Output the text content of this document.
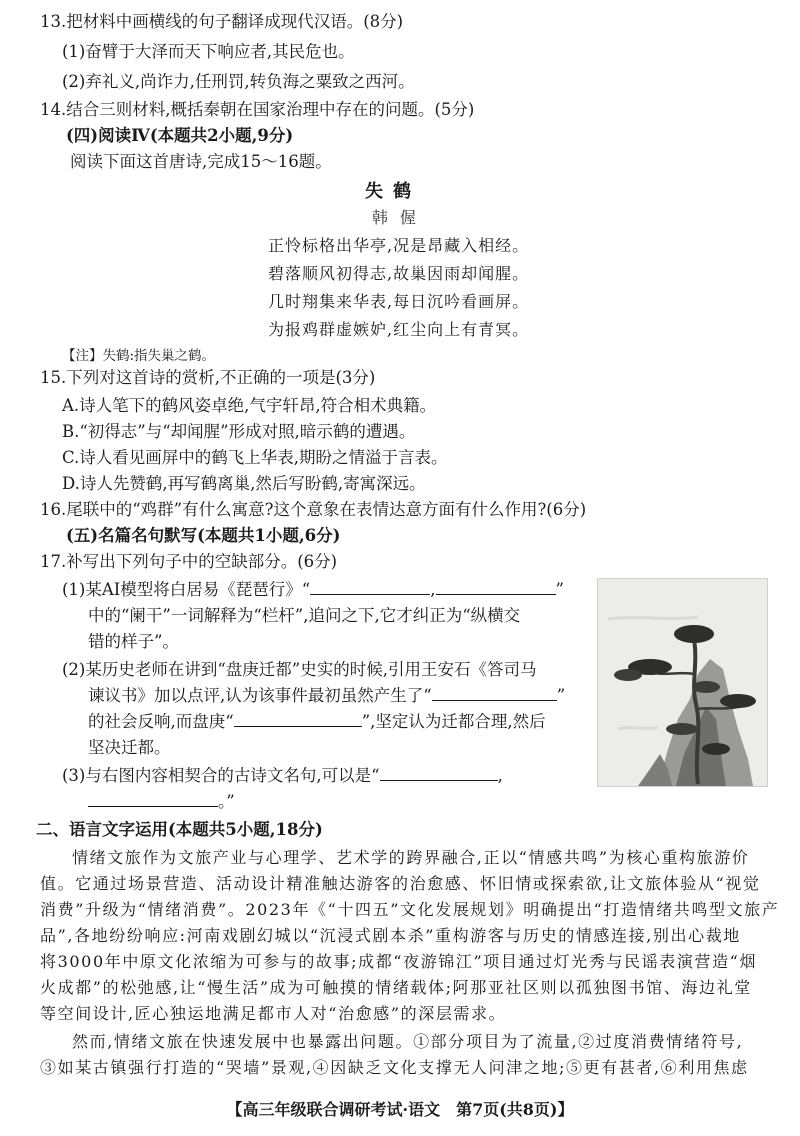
13.把材料中画横线的句子翻译成现代汉语。(8分)
(1)奋臂于大泽而天下响应者,其民危也。
(2)弃礼义,尚诈力,任刑罚,转负海之粟致之西河。
14.结合三则材料,概括秦朝在国家治理中存在的问题。(5分)
(四)阅读Ⅳ(本题共2小题,9分)
阅读下面这首唐诗,完成15～16题。
失鹤
韩偓
正怜标格出华亭,况是昂藏入相经。
碧落顺风初得志,故巢因雨却闻腥。
几时翔集来华表,每日沉吟看画屏。
为报鸡群虚嫉妒,红尘向上有青冥。
【注】失鹤:指失巢之鹤。
15.下列对这首诗的赏析,不正确的一项是(3分)
A.诗人笔下的鹤风姿卓绝,气宇轩昂,符合相术典籍。
B.“初得志”与“却闻腥”形成对照,暗示鹤的遭遇。
C.诗人看见画屏中的鹤飞上华表,期盼之情溢于言表。
D.诗人先赞鹤,再写鹤离巢,然后写盼鹤,寄寓深远。
16.尾联中的“鸡群”有什么寓意?这个意象在表情达意方面有什么作用?(6分)
(五)名篇名句默写(本题共1小题,6分)
17.补写出下列句子中的空缺部分。(6分)
(1)某AI模型将白居易《琵琶行》“	,	”
中的“阑干”一词解释为“栏杆”,追问之下,它才纠正为“纵横交
错的样子”。
(2)某历史老师在讲到“盘庚迁都”史实的时候,引用王安石《答司马
谏议书》加以点评,认为该事件最初虽然产生了“	”
的社会反响,而盘庚“	”,坚定认为迁都合理,然后
坚决迁都。
(3)与右图内容相契合的古诗文名句,可以是“	,
。”
二、语言文字运用(本题共5小题,18分)
情绪文旅作为文旅产业与心理学、艺术学的跨界融合,正以“情感共鸣”为核心重构旅游价
值。它通过场景营造、活动设计精准触达游客的治愈感、怀旧情或探索欲,让文旅体验从“视觉
消费”升级为“情绪消费”。2023年《“十四五”文化发展规划》明确提出“打造情绪共鸣型文旅产
品”,各地纷纷响应:河南戏剧幻城以“沉浸式剧本杀”重构游客与历史的情感连接,别出心裁地
将3000年中原文化浓缩为可参与的故事;成都“夜游锦江”项目通过灯光秀与民谣表演营造“烟
火成都”的松弛感,让“慢生活”成为可触摸的情绪载体;阿那亚社区则以孤独图书馆、海边礼堂
等空间设计,匠心独运地满足都市人对“治愈感”的深层需求。
然而,情绪文旅在快速发展中也暴露出问题。①部分项目为了流量,②过度消费情绪符号,
③如某古镇强行打造的“哭墙”景观,④因缺乏文化支撑无人问津之地;⑤更有甚者,⑥利用焦虑
【高三年级联合调研考试·语文　第7页(共8页)】
